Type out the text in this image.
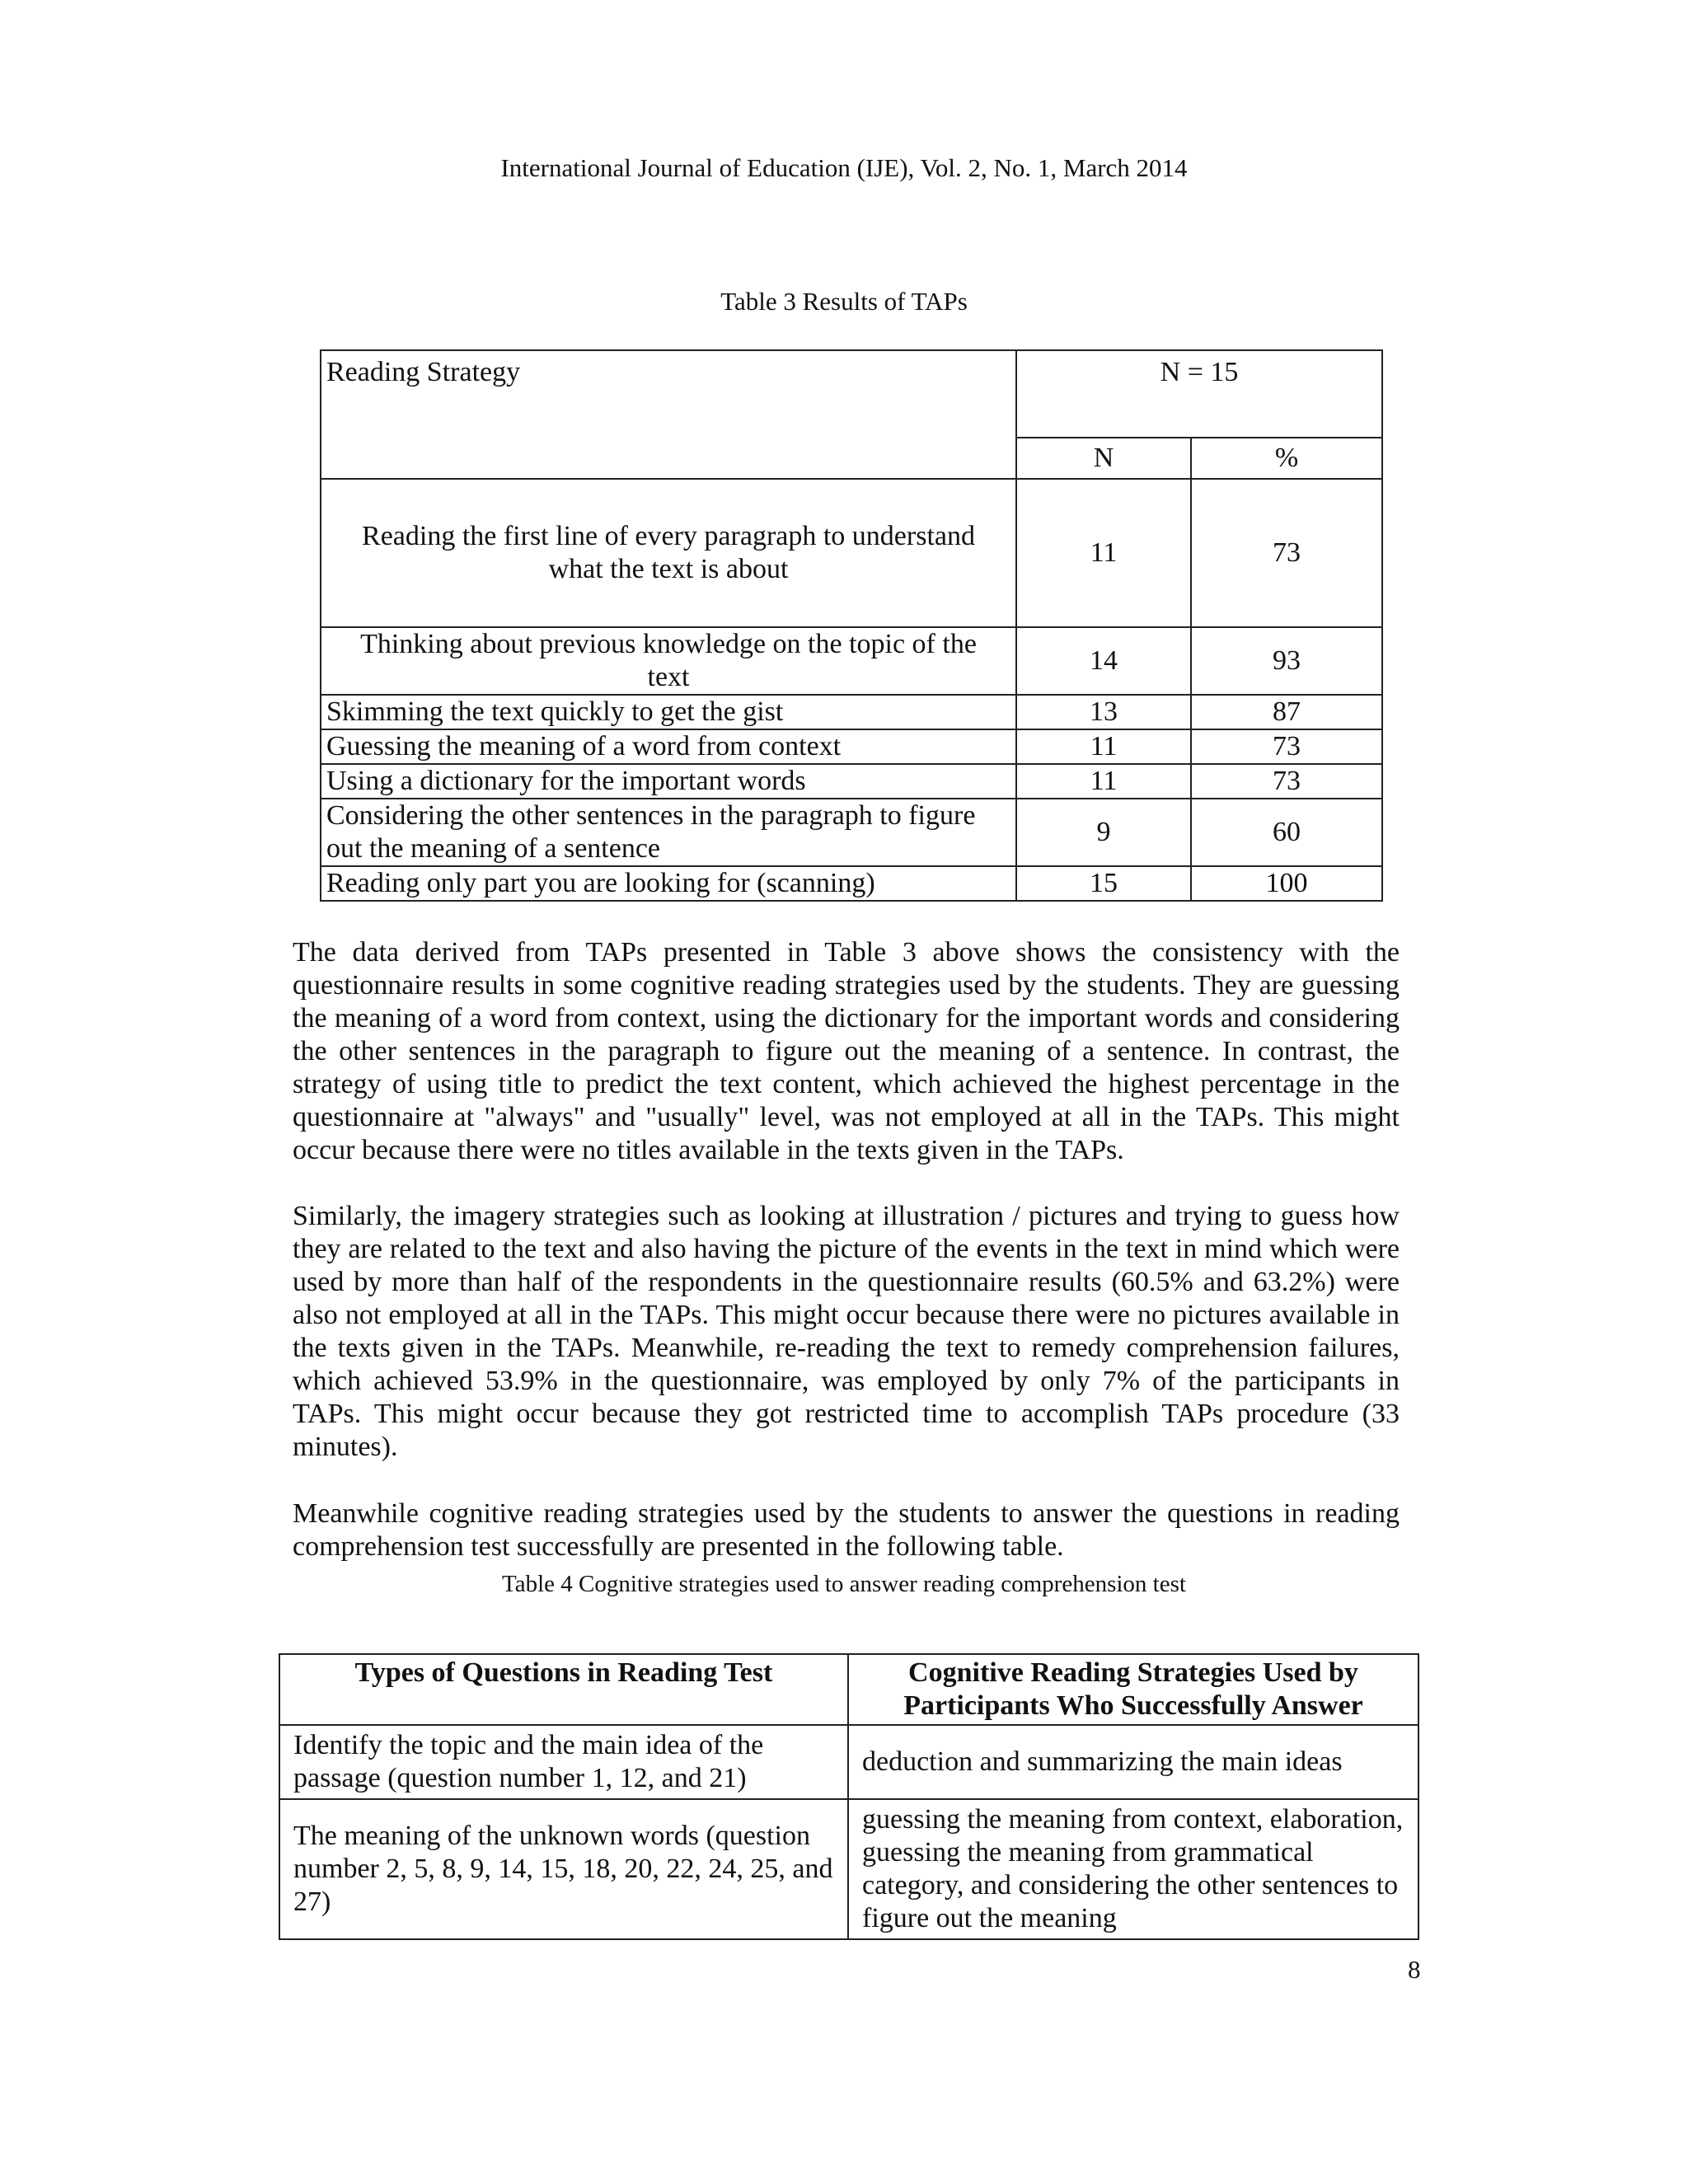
International Journal of Education (IJE), Vol. 2, No. 1, March 2014
Table 3 Results of TAPs
Reading Strategy	N = 15	
	N	%
Reading the first line of every paragraph to understand what the text is about	11	73
Thinking about previous knowledge on the topic of the text	14	93
Skimming the text quickly to get the gist	13	87
Guessing the meaning of a word from context	11	73
Using a dictionary for the important words	11	73
Considering the other sentences in the paragraph to figure out the meaning of a sentence	9	60
Reading only part you are looking for (scanning)	15	100

The data derived from TAPs presented in Table 3 above shows the consistency with the questionnaire results in some cognitive reading strategies used by the students. They are guessing the meaning of a word from context, using the dictionary for the important words and considering the other sentences in the paragraph to figure out the meaning of a sentence. In contrast, the strategy of using title to predict the text content, which achieved the highest percentage in the questionnaire at "always" and "usually" level, was not employed at all in the TAPs. This might occur because there were no titles available in the texts given in the TAPs.

Similarly, the imagery strategies such as looking at illustration / pictures and trying to guess how they are related to the text and also having the picture of the events in the text in mind which were used by more than half of the respondents in the questionnaire results (60.5% and 63.2%) were also not employed at all in the TAPs. This might occur because there were no pictures available in the texts given in the TAPs. Meanwhile, re-reading the text to remedy comprehension failures, which achieved 53.9% in the questionnaire, was employed by only 7% of the participants in TAPs. This might occur because they got restricted time to accomplish TAPs procedure (33 minutes).

Meanwhile cognitive reading strategies used by the students to answer the questions in reading comprehension test successfully are presented in the following table.

Table 4 Cognitive strategies used to answer reading comprehension test
Types of Questions in Reading Test	Cognitive Reading Strategies Used by Participants Who Successfully Answer
Identify the topic and the main idea of the passage (question number 1, 12, and 21)	deduction and summarizing the main ideas
The meaning of the unknown words (question number 2, 5, 8, 9, 14, 15, 18, 20, 22, 24, 25, and 27)	guessing the meaning from context, elaboration, guessing the meaning from grammatical category, and considering the other sentences to figure out the meaning
8
